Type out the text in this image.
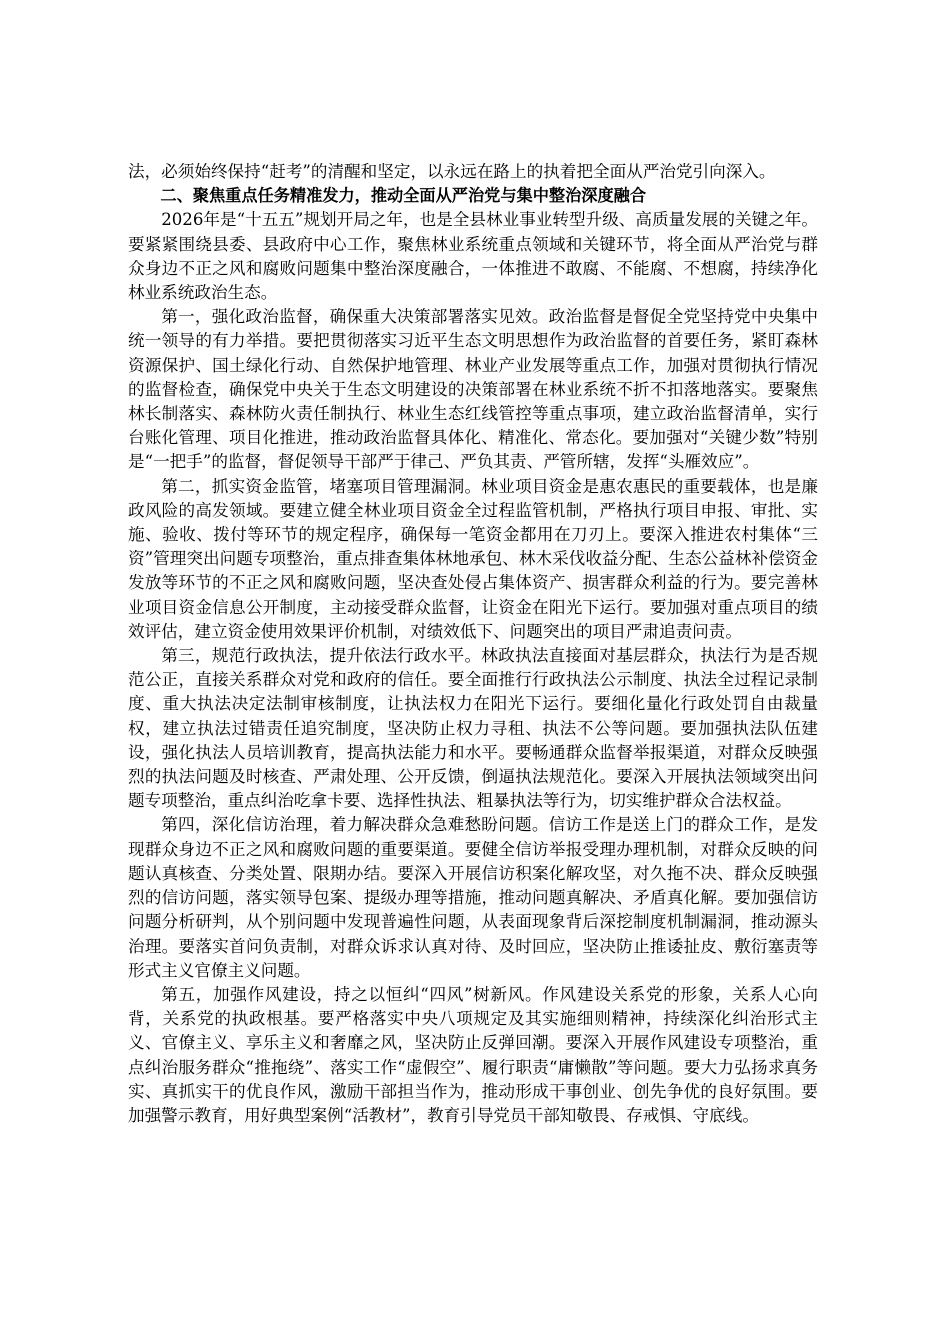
法，必须始终保持“赶考”的清醒和坚定，以永远在路上的执着把全面从严治党引向深入。

二、聚焦重点任务精准发力，推动全面从严治党与集中整治深度融合

2026年是“十五五”规划开局之年，也是全县林业事业转型升级、高质量发展的关键之年。要紧紧围绕县委、县政府中心工作，聚焦林业系统重点领域和关键环节，将全面从严治党与群众身边不正之风和腐败问题集中整治深度融合，一体推进不敢腐、不能腐、不想腐，持续净化林业系统政治生态。

第一，强化政治监督，确保重大决策部署落实见效。政治监督是督促全党坚持党中央集中统一领导的有力举措。要把贯彻落实习近平生态文明思想作为政治监督的首要任务，紧盯森林资源保护、国土绿化行动、自然保护地管理、林业产业发展等重点工作，加强对贯彻执行情况的监督检查，确保党中央关于生态文明建设的决策部署在林业系统不折不扣落地落实。要聚焦林长制落实、森林防火责任制执行、林业生态红线管控等重点事项，建立政治监督清单，实行台账化管理、项目化推进，推动政治监督具体化、精准化、常态化。要加强对“关键少数”特别是“一把手”的监督，督促领导干部严于律己、严负其责、严管所辖，发挥“头雁效应”。

第二，抓实资金监管，堵塞项目管理漏洞。林业项目资金是惠农惠民的重要载体，也是廉政风险的高发领域。要建立健全林业项目资金全过程监管机制，严格执行项目申报、审批、实施、验收、拨付等环节的规定程序，确保每一笔资金都用在刀刃上。要深入推进农村集体“三资”管理突出问题专项整治，重点排查集体林地承包、林木采伐收益分配、生态公益林补偿资金发放等环节的不正之风和腐败问题，坚决查处侵占集体资产、损害群众利益的行为。要完善林业项目资金信息公开制度，主动接受群众监督，让资金在阳光下运行。要加强对重点项目的绩效评估，建立资金使用效果评价机制，对绩效低下、问题突出的项目严肃追责问责。

第三，规范行政执法，提升依法行政水平。林政执法直接面对基层群众，执法行为是否规范公正，直接关系群众对党和政府的信任。要全面推行行政执法公示制度、执法全过程记录制度、重大执法决定法制审核制度，让执法权力在阳光下运行。要细化量化行政处罚自由裁量权，建立执法过错责任追究制度，坚决防止权力寻租、执法不公等问题。要加强执法队伍建设，强化执法人员培训教育，提高执法能力和水平。要畅通群众监督举报渠道，对群众反映强烈的执法问题及时核查、严肃处理、公开反馈，倒逼执法规范化。要深入开展执法领域突出问题专项整治，重点纠治吃拿卡要、选择性执法、粗暴执法等行为，切实维护群众合法权益。

第四，深化信访治理，着力解决群众急难愁盼问题。信访工作是送上门的群众工作，是发现群众身边不正之风和腐败问题的重要渠道。要健全信访举报受理办理机制，对群众反映的问题认真核查、分类处置、限期办结。要深入开展信访积案化解攻坚，对久拖不决、群众反映强烈的信访问题，落实领导包案、提级办理等措施，推动问题真解决、矛盾真化解。要加强信访问题分析研判，从个别问题中发现普遍性问题，从表面现象背后深挖制度机制漏洞，推动源头治理。要落实首问负责制，对群众诉求认真对待、及时回应，坚决防止推诿扯皮、敷衍塞责等形式主义官僚主义问题。

第五，加强作风建设，持之以恒纠“四风”树新风。作风建设关系党的形象，关系人心向背，关系党的执政根基。要严格落实中央八项规定及其实施细则精神，持续深化纠治形式主义、官僚主义、享乐主义和奢靡之风，坚决防止反弹回潮。要深入开展作风建设专项整治，重点纠治服务群众“推拖绕”、落实工作“虚假空”、履行职责“庸懒散”等问题。要大力弘扬求真务实、真抓实干的优良作风，激励干部担当作为，推动形成干事创业、创先争优的良好氛围。要加强警示教育，用好典型案例“活教材”，教育引导党员干部知敬畏、存戒惧、守底线。
